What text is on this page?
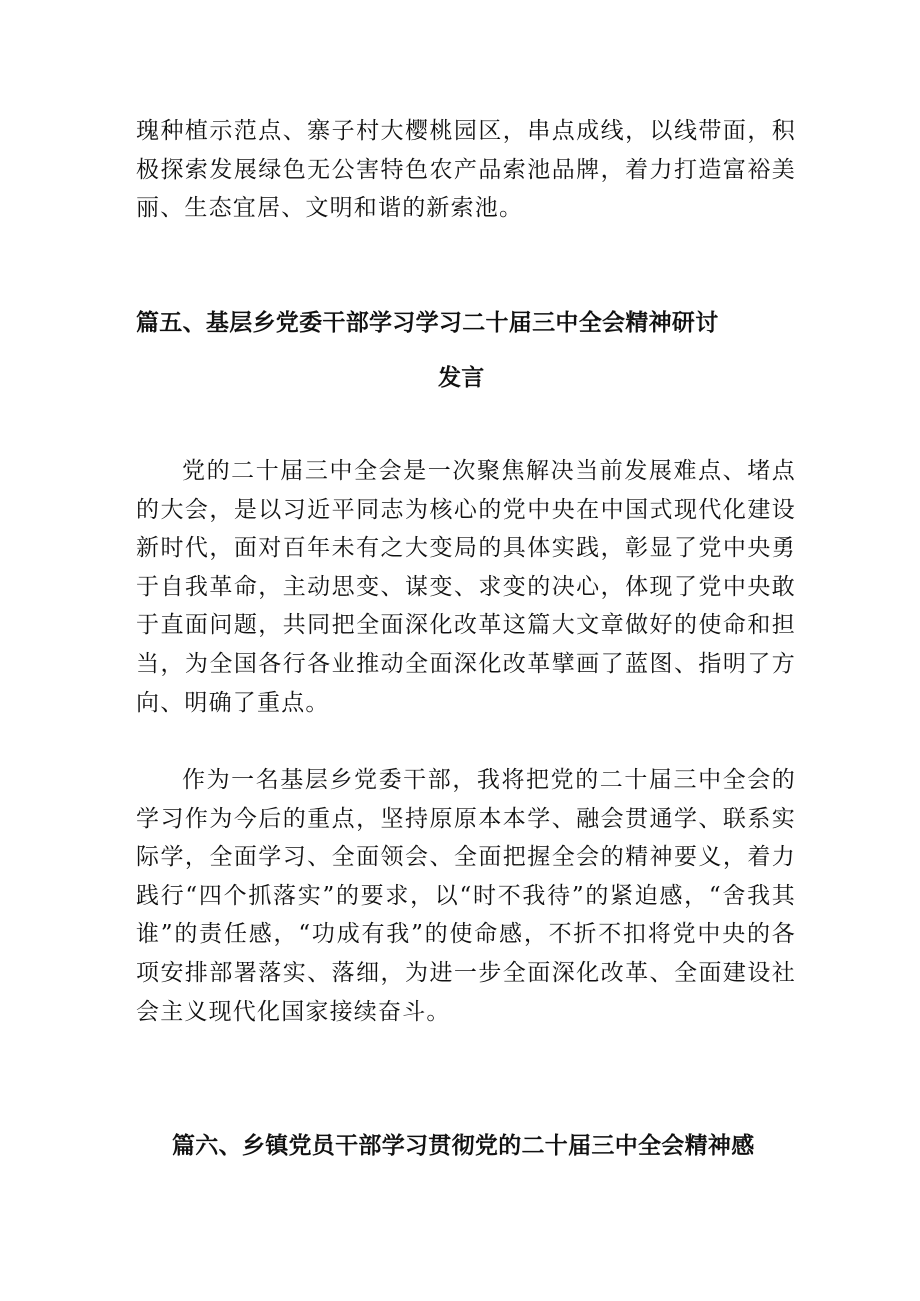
瑰种植示范点、寨子村大樱桃园区，串点成线，以线带面，积极探索发展绿色无公害特色农产品索池品牌，着力打造富裕美丽、生态宜居、文明和谐的新索池。

篇五、基层乡党委干部学习学习二十届三中全会精神研讨
发言

党的二十届三中全会是一次聚焦解决当前发展难点、堵点的大会，是以习近平同志为核心的党中央在中国式现代化建设新时代，面对百年未有之大变局的具体实践，彰显了党中央勇于自我革命，主动思变、谋变、求变的决心，体现了党中央敢于直面问题，共同把全面深化改革这篇大文章做好的使命和担当，为全国各行各业推动全面深化改革擘画了蓝图、指明了方向、明确了重点。

作为一名基层乡党委干部，我将把党的二十届三中全会的学习作为今后的重点，坚持原原本本学、融会贯通学、联系实际学，全面学习、全面领会、全面把握全会的精神要义，着力践行“四个抓落实”的要求，以“时不我待”的紧迫感，“舍我其谁”的责任感，“功成有我”的使命感，不折不扣将党中央的各项安排部署落实、落细，为进一步全面深化改革、全面建设社会主义现代化国家接续奋斗。

篇六、乡镇党员干部学习贯彻党的二十届三中全会精神感
